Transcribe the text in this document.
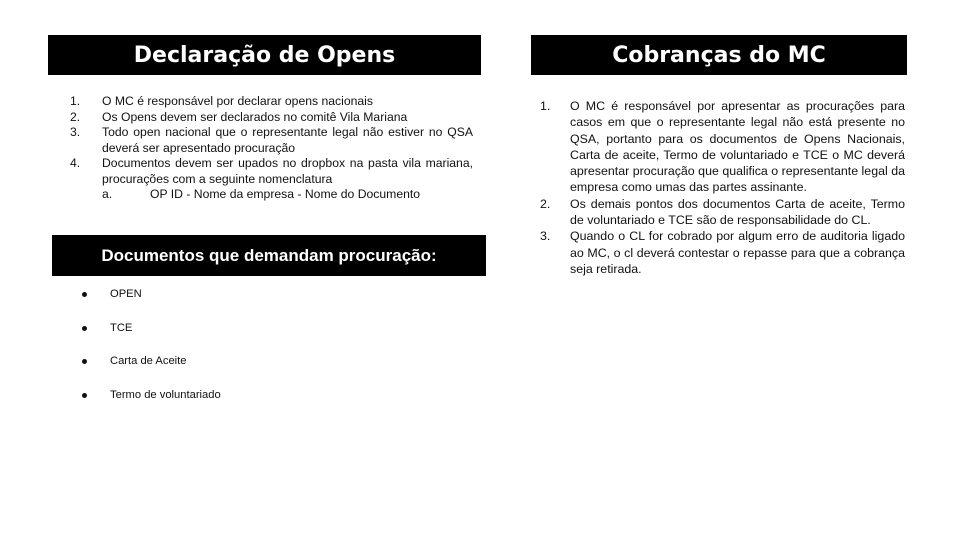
Declaração de Opens
1. O MC é responsável por declarar opens nacionais
2. Os Opens devem ser declarados no comitê Vila Mariana
3. Todo open nacional que o representante legal não estiver no QSA deverá ser apresentado procuração
4. Documentos devem ser upados no dropbox na pasta vila mariana, procurações com a seguinte nomenclatura
a.	OP ID - Nome da empresa - Nome do Documento
Documentos que demandam procuração:
OPEN
TCE
Carta de Aceite
Termo de voluntariado
Cobranças do MC
1. O MC é responsável por apresentar as procurações para casos em que o representante legal não está presente no QSA, portanto para os documentos de Opens Nacionais, Carta de aceite, Termo de voluntariado e TCE o MC deverá apresentar procuração que qualifica o representante legal da empresa como umas das partes assinante.
2. Os demais pontos dos documentos Carta de aceite, Termo de voluntariado e TCE são de responsabilidade do CL.
3. Quando o CL for cobrado por algum erro de auditoria ligado ao MC, o cl deverá contestar o repasse para que a cobrança seja retirada.
